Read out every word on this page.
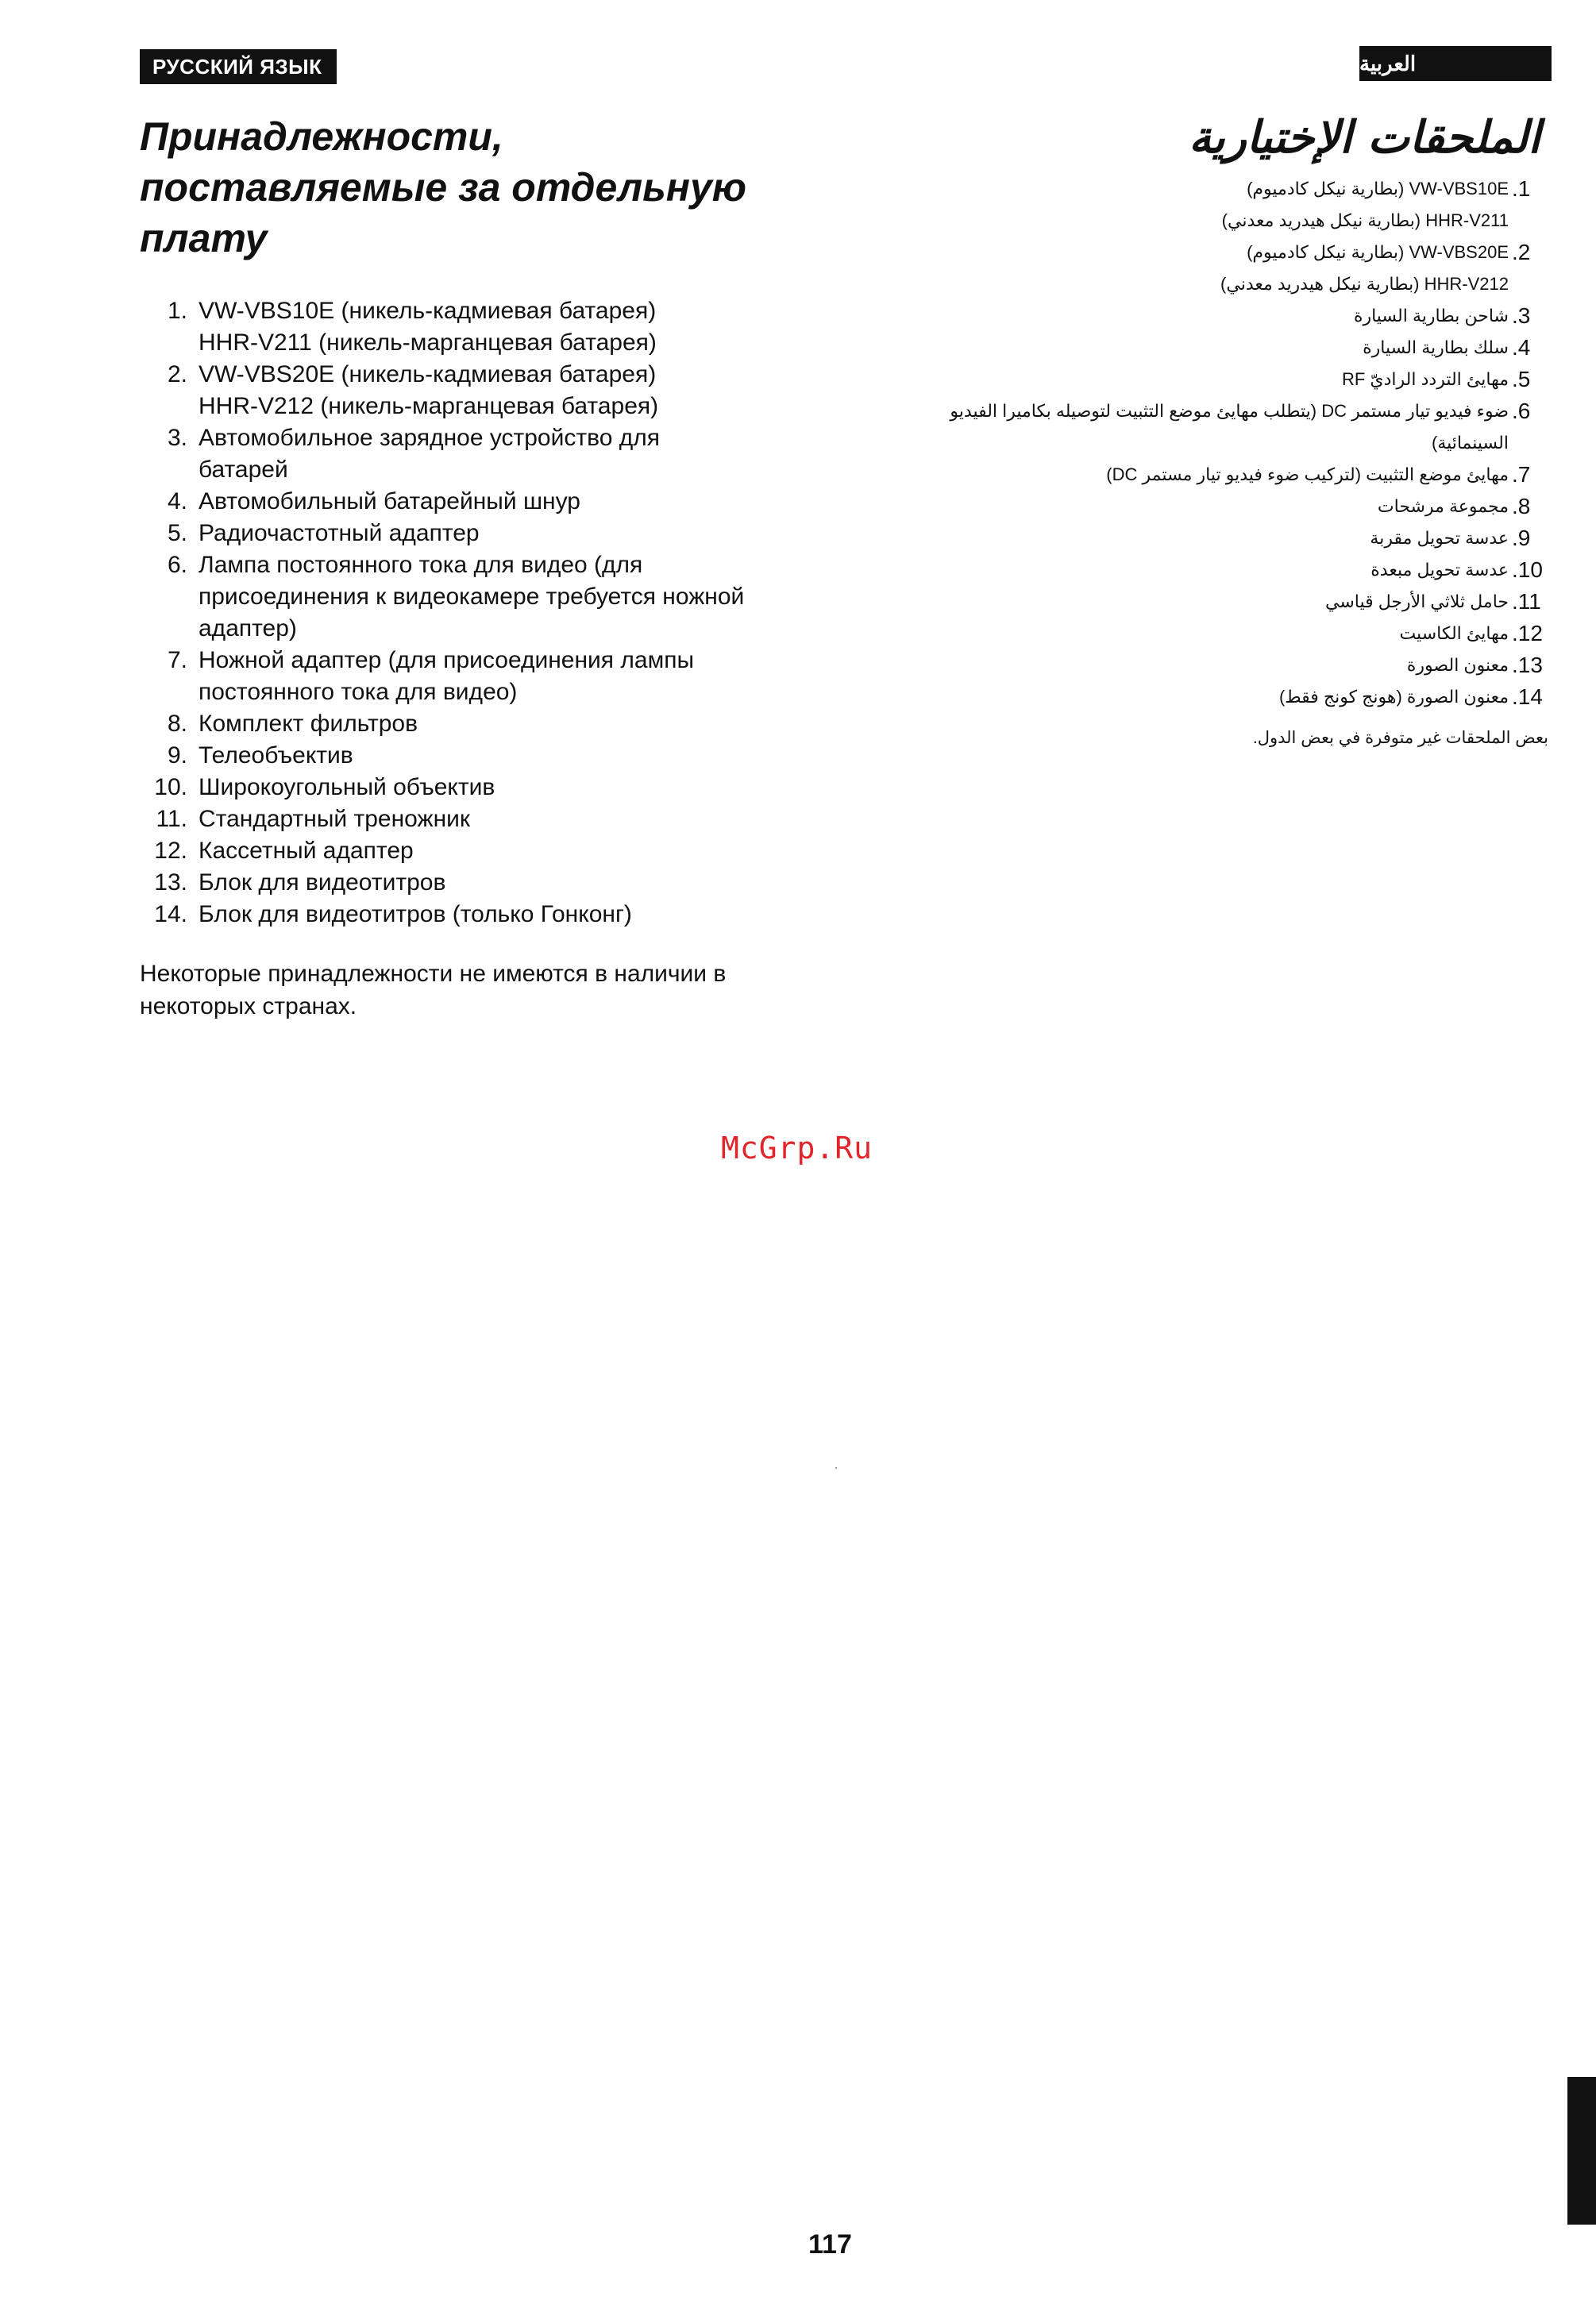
РУССКИЙ ЯЗЫК	العربية
Принадлежности,
поставляемые за отдельную
плату
1. VW-VBS10E (никель-кадмиевая батарея)
HHR-V211 (никель-марганцевая батарея)
2. VW-VBS20E (никель-кадмиевая батарея)
HHR-V212 (никель-марганцевая батарея)
3. Автомобильное зарядное устройство для
батарей
4. Автомобильный батарейный шнур
5. Радиочастотный адаптер
6. Лампа постоянного тока для видео (для
присоединения к видеокамере требуется ножной
адаптер)
7. Ножной адаптер (для присоединения лампы
постоянного тока для видео)
8. Комплект фильтров
9. Телеобъектив
10. Широкоугольный объектив
11. Стандартный треножник
12. Кассетный адаптер
13. Блок для видеотитров
14. Блок для видеотитров (только Гонконг)

Некоторые принадлежности не имеются в наличии в
некоторых странах.

الملحقات الإختيارية
.1
VW-VBS10E (بطارية نيكل كادميوم)
HHR-V211 (بطارية نيكل هيدريد معدني)
.2
VW-VBS20E (بطارية نيكل كادميوم)
HHR-V212 (بطارية نيكل هيدريد معدني)
.3
شاحن بطارية السيارة
.4
سلك بطارية السيارة
.5
مهايئ التردد الراديّ RF
.6
ضوء فيديو تيار مستمر DC (يتطلب مهايئ موضع التثبيت لتوصيله بكاميرا الفيديو
السينمائية)
.7
مهايئ موضع التثبيت (لتركيب ضوء فيديو تيار مستمر DC)
.8
مجموعة مرشحات
.9
عدسة تحويل مقربة
.10
عدسة تحويل مبعدة
.11
حامل ثلاثي الأرجل قياسي
.12
مهايئ الكاسيت
.13
معنون الصورة
.14
معنون الصورة (هونج كونج فقط)

بعض الملحقات غير متوفرة في بعض الدول.

McGrp.Ru
117
